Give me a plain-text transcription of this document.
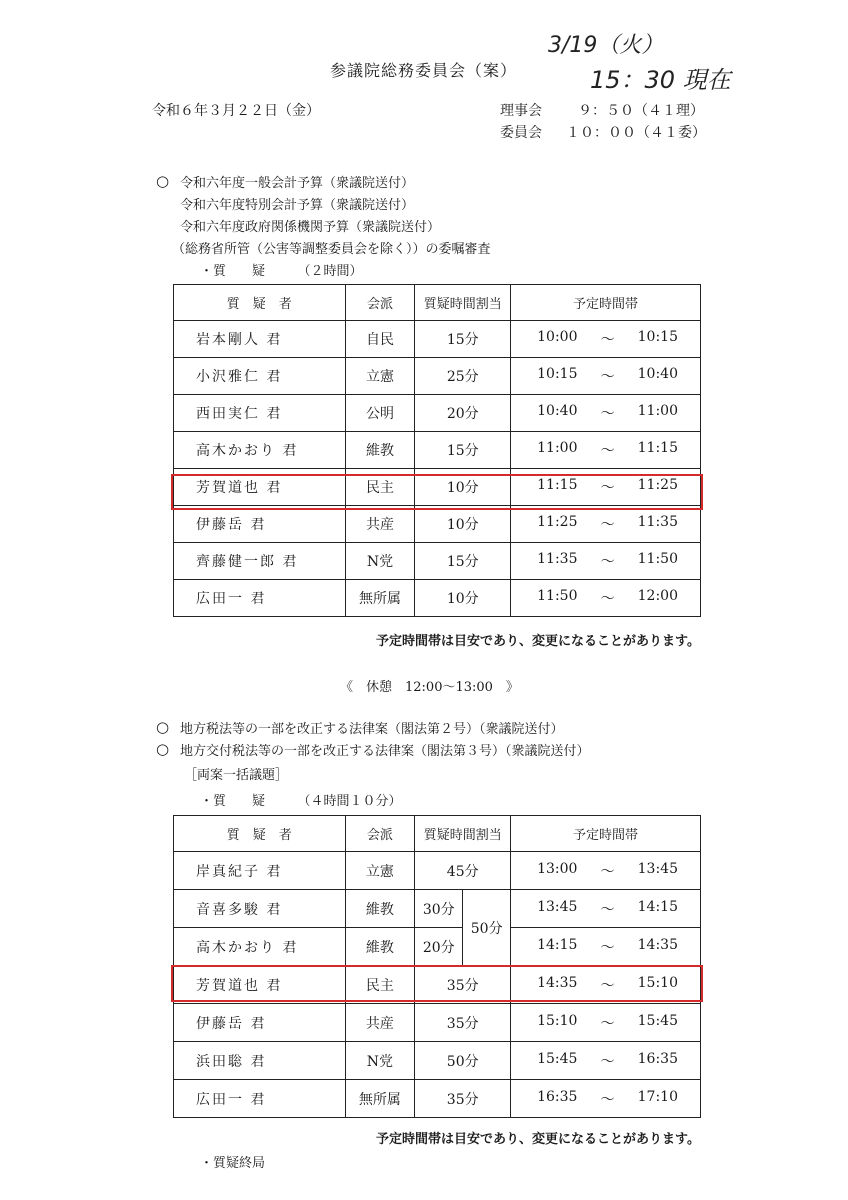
3/19（火）
15：30 現在
参議院総務委員会（案）
令和６年３月２２日（金）	理事会	９：５０（４１理）
委員会 １０：００（４１委）
○ 令和六年度一般会計予算（衆議院送付）
令和六年度特別会計予算（衆議院送付）
令和六年度政府関係機関予算（衆議院送付）
（総務省所管（公害等調整委員会を除く））の委嘱審査
・質　　疑　　　（２時間）
質　疑　者	会派	質疑時間割当	予定時間帯
岩本剛人 君	自民	15分	10:00 〜 10:15

小沢雅仁 君	立憲	25分	10:15 〜 10:40

西田実仁 君	公明	20分	10:40 〜 11:00

高木かおり 君	維教	15分	11:00 〜 11:15

芳賀道也 君	民主	10分	11:15 〜 11:25

伊藤岳 君	共産	10分	11:25 〜 11:35

齊藤健一郎 君	N党	15分	11:35 〜 11:50

広田一 君	無所属	10分	11:50 〜 12:00
予定時間帯は目安であり、変更になることがあります。
《　休憩　12:00〜13:00　》
○ 地方税法等の一部を改正する法律案（閣法第２号）（衆議院送付）
○ 地方交付税法等の一部を改正する法律案（閣法第３号）（衆議院送付）
［両案一括議題］
・質　　疑　　　（４時間１０分）
質　疑　者	会派	質疑時間割当		予定時間帯
岸真紀子 君	立憲	45分		13:00 〜 13:45

音喜多駿 君	維教	30分	50分	13:45 〜 14:15

高木かおり 君	維教	20分		14:15 〜 14:35

芳賀道也 君	民主	35分		14:35 〜 15:10

伊藤岳 君	共産	35分		15:10 〜 15:45

浜田聡 君	N党	50分		15:45 〜 16:35

広田一 君	無所属	35分		16:35 〜 17:10
予定時間帯は目安であり、変更になることがあります。
・質疑終局
